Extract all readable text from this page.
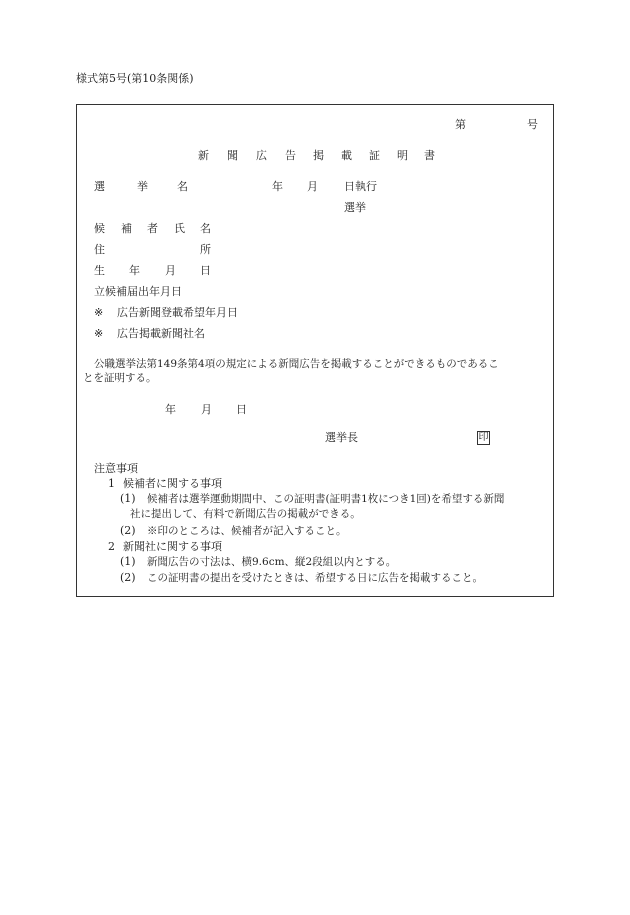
様式第5号(第10条関係)
第	号
新 聞 広 告 掲 載 証 明 書
選	挙	名	年 月 日執行
選挙
候 補 者 氏 名
住	所
生 年 月 日
立候補届出年月日
※ 広告新聞登載希望年月日
※ 広告掲載新聞社名
公職選挙法第149条第4項の規定による新聞広告を掲載することができるものであるこ
とを証明する。
年 月 日
選挙長	印
注意事項
1 候補者に関する事項
(1) 候補者は選挙運動期間中、この証明書(証明書1枚につき1回)を希望する新聞
社に提出して、有料で新聞広告の掲載ができる。
(2) ※印のところは、候補者が記入すること。
2 新聞社に関する事項
(1) 新聞広告の寸法は、横9.6cm、縦2段組以内とする。
(2) この証明書の提出を受けたときは、希望する日に広告を掲載すること。
